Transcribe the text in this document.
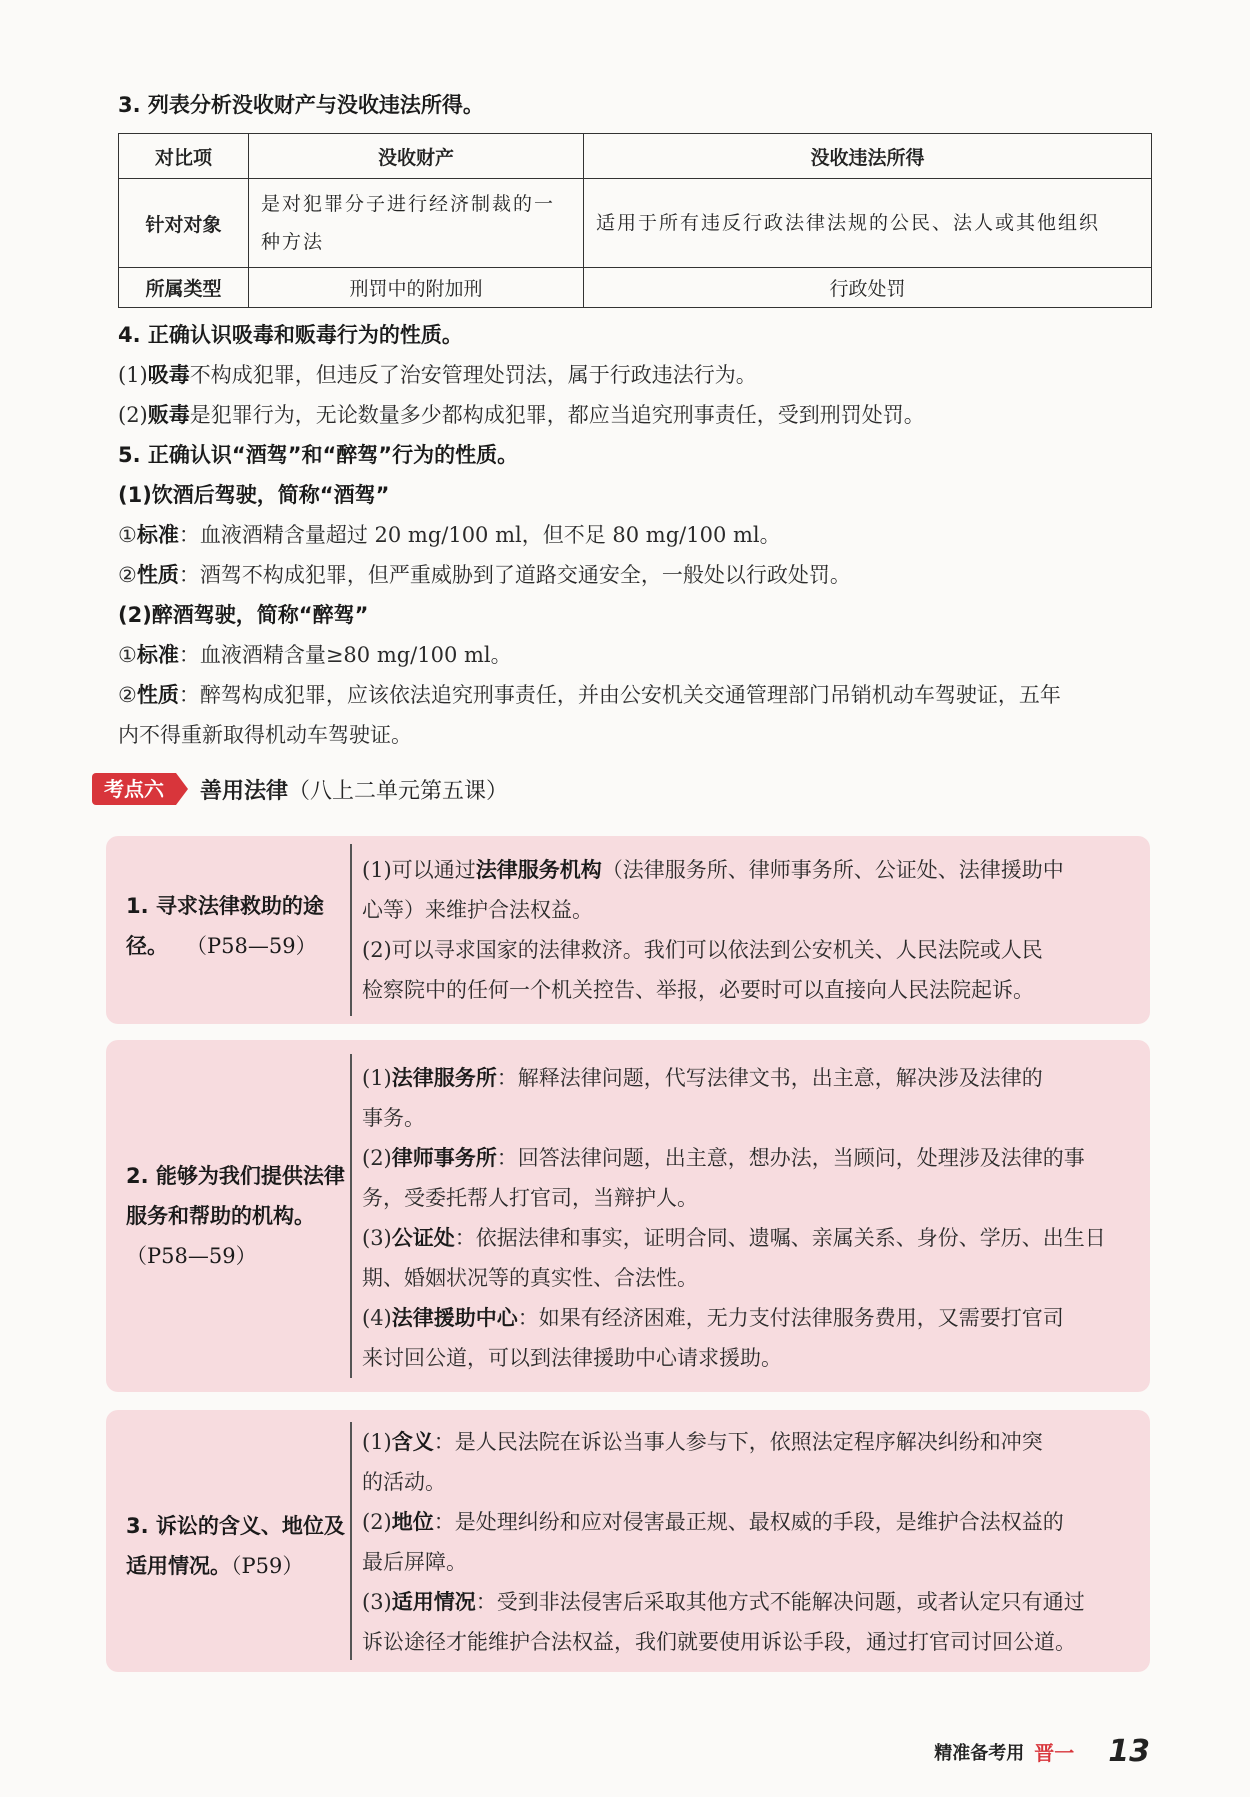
3. 列表分析没收财产与没收违法所得。
对比项	没收财产	没收违法所得
针对对象	是对犯罪分子进行经济制裁的一种方法	适用于所有违反行政法律法规的公民、法人或其他组织
所属类型	刑罚中的附加刑	行政处罚
4. 正确认识吸毒和贩毒行为的性质。
(1)吸毒不构成犯罪，但违反了治安管理处罚法，属于行政违法行为。
(2)贩毒是犯罪行为，无论数量多少都构成犯罪，都应当追究刑事责任，受到刑罚处罚。
5. 正确认识“酒驾”和“醉驾”行为的性质。
(1)饮酒后驾驶，简称“酒驾”
①标准：血液酒精含量超过 20 mg/100 ml，但不足 80 mg/100 ml。
②性质：酒驾不构成犯罪，但严重威胁到了道路交通安全，一般处以行政处罚。
(2)醉酒驾驶，简称“醉驾”
①标准：血液酒精含量≥80 mg/100 ml。
②性质：醉驾构成犯罪，应该依法追究刑事责任，并由公安机关交通管理部门吊销机动车驾驶证，五年
内不得重新取得机动车驾驶证。
考点六	善用法律（八上二单元第五课）
1. 寻求法律救助的途径。 （P58—59）
(1)可以通过法律服务机构（法律服务所、律师事务所、公证处、法律援助中
心等）来维护合法权益。
(2)可以寻求国家的法律救济。我们可以依法到公安机关、人民法院或人民
检察院中的任何一个机关控告、举报，必要时可以直接向人民法院起诉。
2. 能够为我们提供法律服务和帮助的机构。（P58—59）
(1)法律服务所：解释法律问题，代写法律文书，出主意，解决涉及法律的
事务。
(2)律师事务所：回答法律问题，出主意，想办法，当顾问，处理涉及法律的事
务，受委托帮人打官司，当辩护人。
(3)公证处：依据法律和事实，证明合同、遗嘱、亲属关系、身份、学历、出生日
期、婚姻状况等的真实性、合法性。
(4)法律援助中心：如果有经济困难，无力支付法律服务费用，又需要打官司
来讨回公道，可以到法律援助中心请求援助。
3. 诉讼的含义、地位及适用情况。（P59）
(1)含义：是人民法院在诉讼当事人参与下，依照法定程序解决纠纷和冲突
的活动。
(2)地位：是处理纠纷和应对侵害最正规、最权威的手段，是维护合法权益的
最后屏障。
(3)适用情况：受到非法侵害后采取其他方式不能解决问题，或者认定只有通过
诉讼途径才能维护合法权益，我们就要使用诉讼手段，通过打官司讨回公道。
精准备考用 晋一 13
